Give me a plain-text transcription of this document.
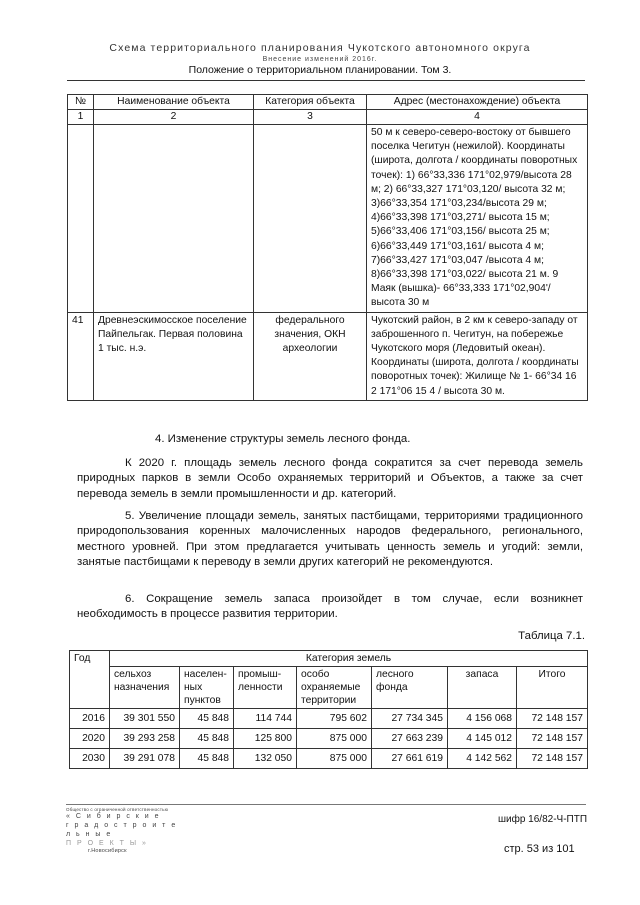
Схема территориального планирования Чукотского автономного округа
Внесение изменений 2016г.
Положение о территориальном планировании. Том 3.
№	Наименование объекта	Категория объекта	Адрес (местонахождение) объекта
1	2	3	4
			50 м к северо-северо-востоку от бывшего поселка Чегитун (нежилой). Координаты (широта, долгота / координаты поворотных точек): 1) 66°33,336 171°02,979/высота 28 м; 2) 66°33,327 171°03,120/ высота 32 м; 3)66°33,354 171°03,234/высота 29 м; 4)66°33,398 171°03,271/ высота 15 м; 5)66°33,406 171°03,156/ высота 25 м; 6)66°33,449 171°03,161/ высота 4 м; 7)66°33,427 171°03,047 /высота 4 м; 8)66°33,398 171°03,022/ высота 21 м. 9 Маяк (вышка)- 66°33,333 171°02,904'/высота 30 м
41	Древнеэскимосское поселение Пайпельгак. Первая половина 1 тыс. н.э.	федерального значения, ОКН археологии	Чукотский район, в 2 км к северо-западу от заброшенного п. Чегитун, на побережье Чукотского моря (Ледовитый океан). Координаты (широта, долгота / координаты поворотных точек): Жилище № 1- 66°34 16 2 171°06 15 4 / высота 30 м.
4. Изменение структуры земель лесного фонда.

К 2020 г. площадь земель лесного фонда сократится за счет перевода земель природных парков в земли Особо охраняемых территорий и Объектов, а также за счет перевода земель в земли промышленности и др. категорий.

5. Увеличение площади земель, занятых пастбищами, территориями традиционного природопользования коренных малочисленных народов федерального, регионального, местного уровней. При этом предлагается учитывать ценность земель и угодий: земли, занятые пастбищами к переводу в земли других категорий не рекомендуются.

6. Сокращение земель запаса произойдет в том случае, если возникнет необходимость в процессе развития территории.

Таблица 7.1.
Год	Категория земель						
	сельхоз назначения	населен-ных пунктов	промыш-ленности	особо охраняемые территории	лесного фонда	запаса	Итого
2016	39 301 550	45 848	114 744	795 602	27 734 345	4 156 068	72 148 157
2020	39 293 258	45 848	125 800	875 000	27 663 239	4 145 012	72 148 157
2030	39 291 078	45 848	132 050	875 000	27 661 619	4 142 562	72 148 157
Общество с ограниченной ответственностью
« С и б и р с к и е
г р а д о с т р о и т е л ь н ы е
П Р О Е К Т Ы »
г.Новосибирск
шифр 16/82-Ч-ПТП
стр. 53 из 101
